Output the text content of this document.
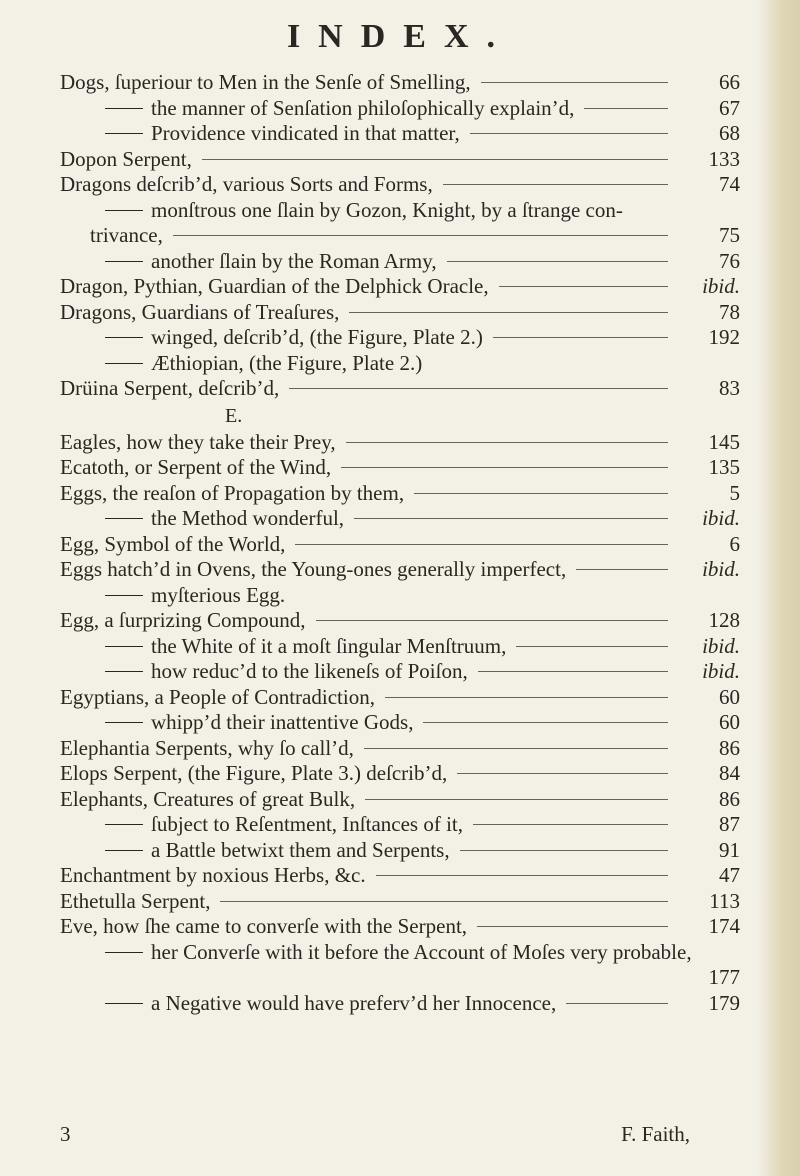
INDEX.
Dogs, ſuperiour to Men in the Senſe of Smelling,	66
the manner of Senſation philoſophically explain’d,	67
Providence vindicated in that matter,	68
Dopon Serpent,	133
Dragons deſcrib’d, various Sorts and Forms,	74
monſtrous one ſlain by Gozon, Knight, by a ſtrange con-
trivance,	75
another ſlain by the Roman Army,	76
Dragon, Pythian, Guardian of the Delphick Oracle,	ibid.
Dragons, Guardians of Treaſures,	78
winged, deſcrib’d, (the Figure, Plate 2.)	192
Æthiopian, (the Figure, Plate 2.)
Drüina Serpent, deſcrib’d,	83
E.
Eagles, how they take their Prey,	145
Ecatoth, or Serpent of the Wind,	135
Eggs, the reaſon of Propagation by them,	5
the Method wonderful,	ibid.
Egg, Symbol of the World,	6
Eggs hatch’d in Ovens, the Young-ones generally imperfect,	ibid.
myſterious Egg.
Egg, a ſurprizing Compound,	128
the White of it a moſt ſingular Menſtruum,	ibid.
how reduc’d to the likeneſs of Poiſon,	ibid.
Egyptians, a People of Contradiction,	60
whipp’d their inattentive Gods,	60
Elephantia Serpents, why ſo call’d,	86
Elops Serpent, (the Figure, Plate 3.) deſcrib’d,	84
Elephants, Creatures of great Bulk,	86
ſubject to Reſentment, Inſtances of it,	87
a Battle betwixt them and Serpents,	91
Enchantment by noxious Herbs, &c.	47
Ethetulla Serpent,	113
Eve, how ſhe came to converſe with the Serpent,	174
her Converſe with it before the Account of Moſes very probable,
177
a Negative would have preferv’d her Innocence,	179
3	F. Faith,
